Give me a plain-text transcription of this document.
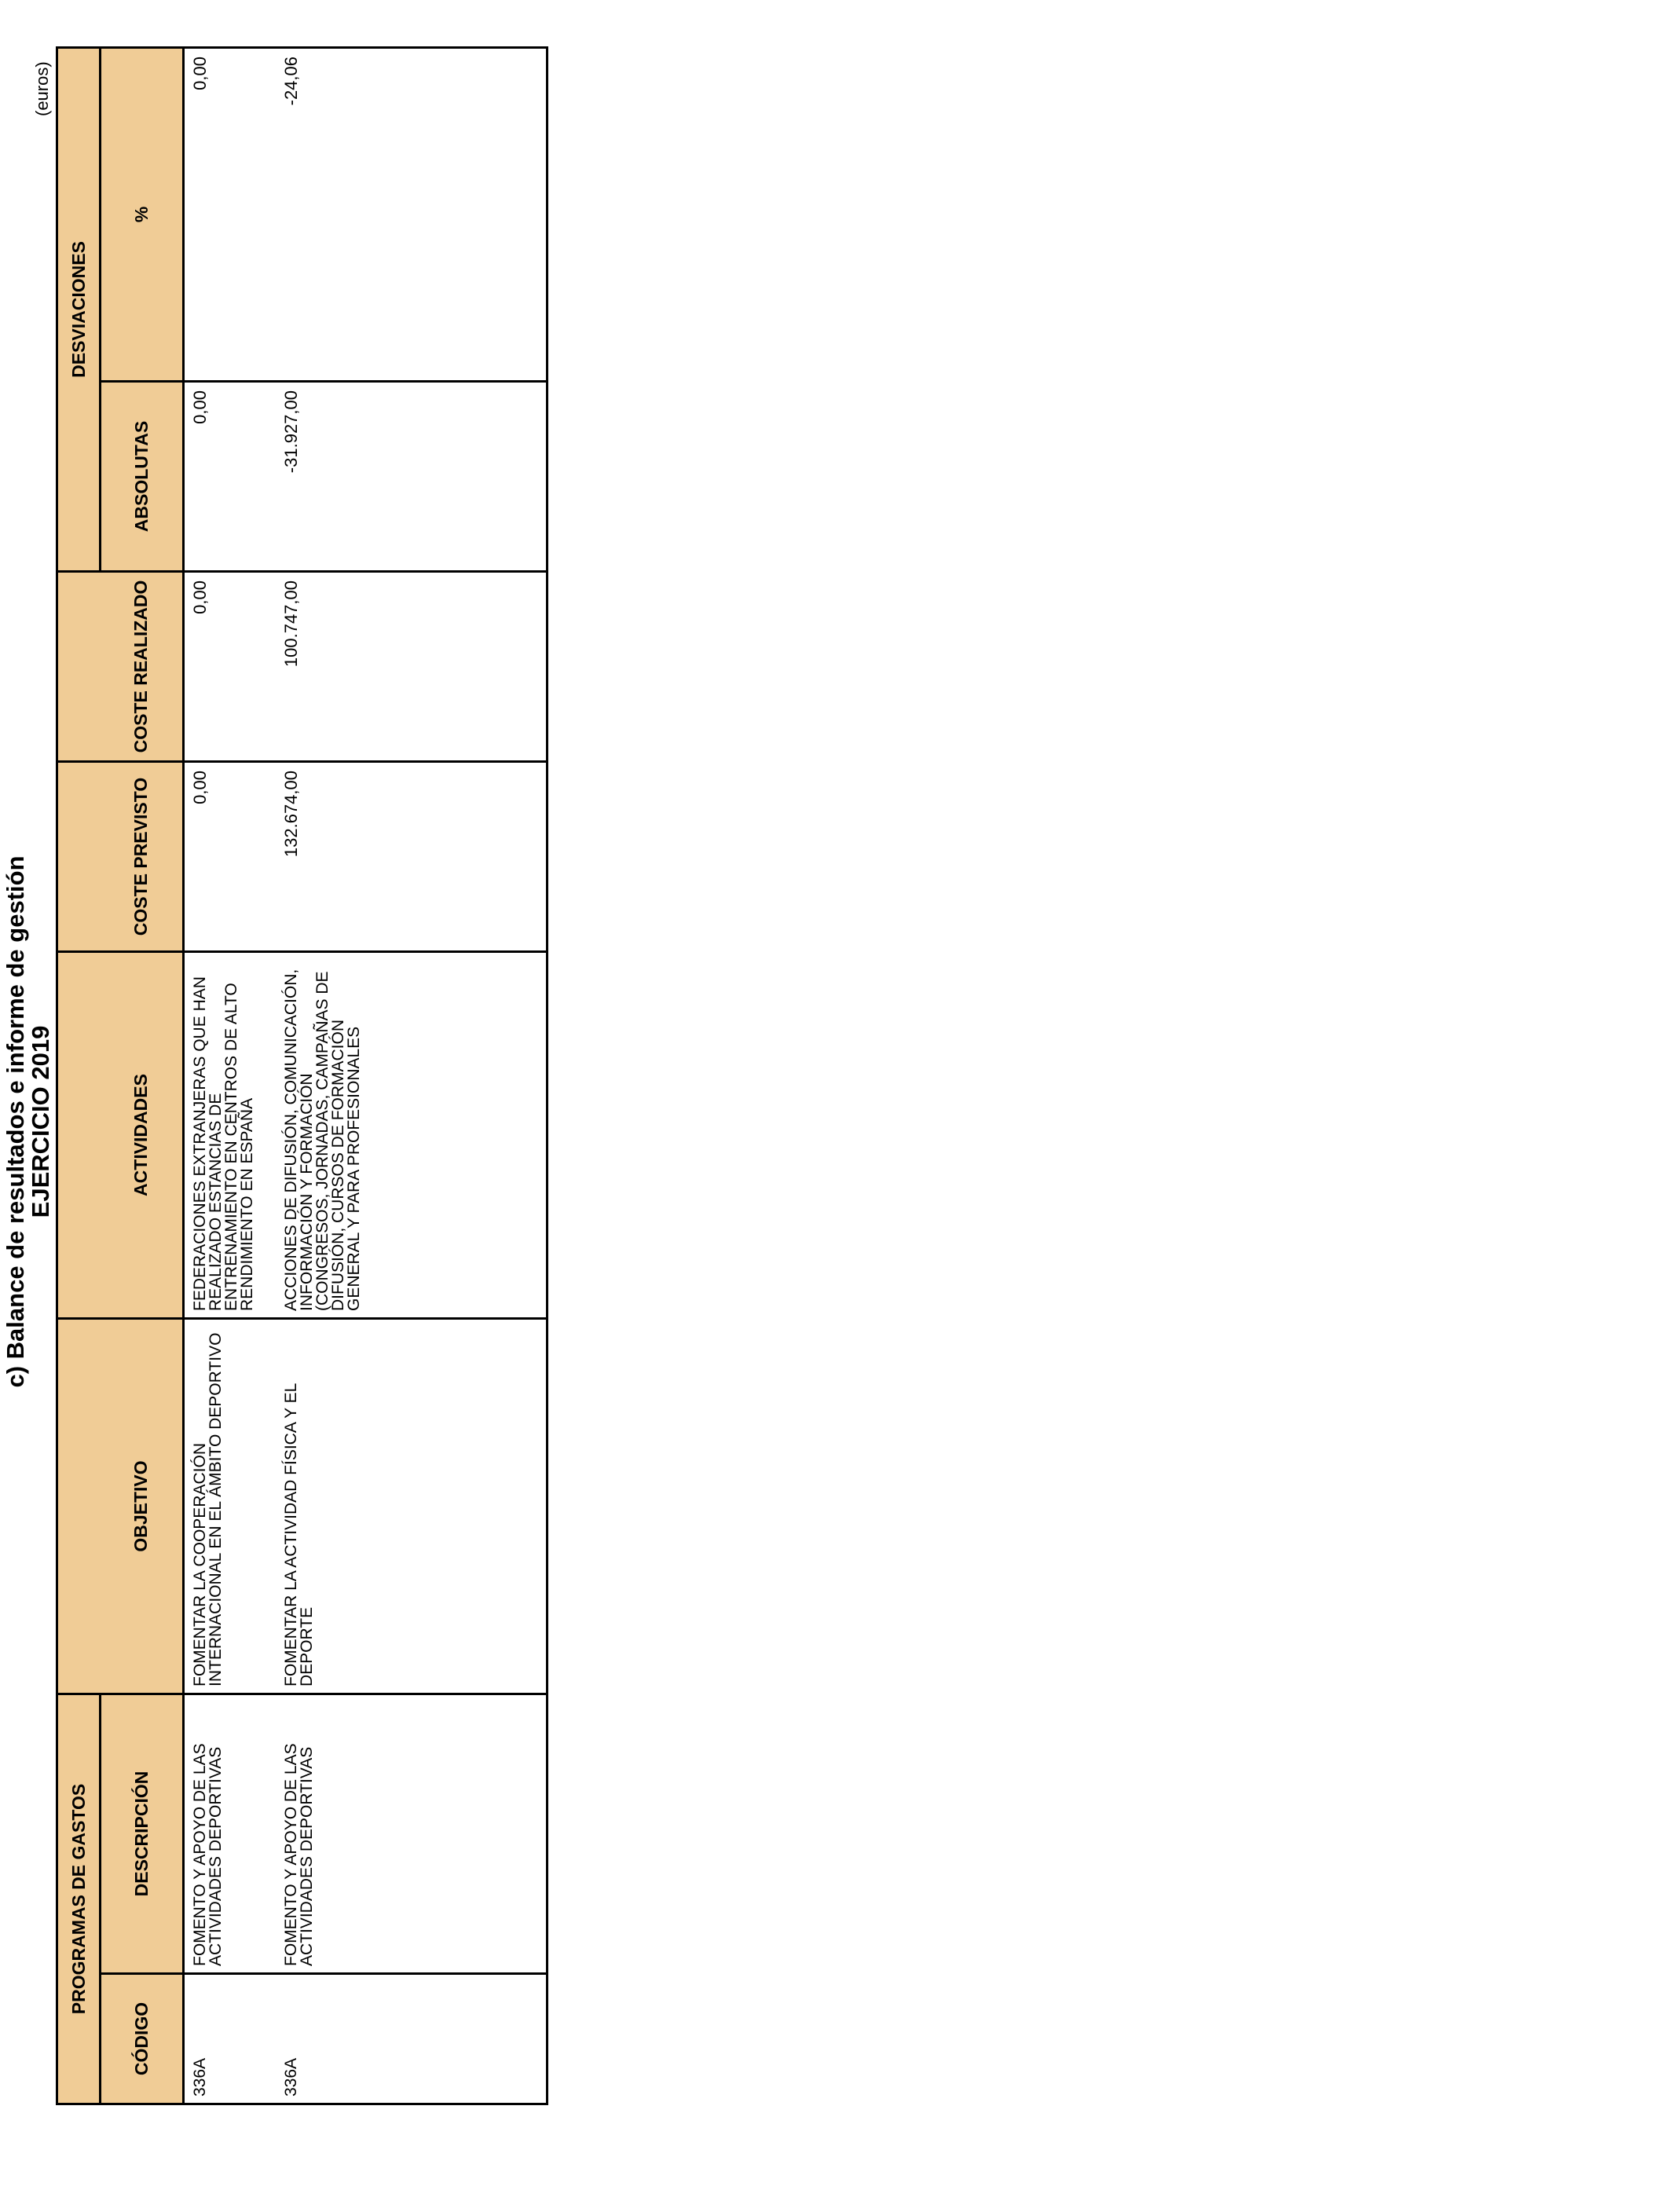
c) Balance de resultados e informe de gestión
EJERCICIO 2019
(euros)
PROGRAMAS DE GASTOS						DESVIACIONES	
CÓDIGO	DESCRIPCIÓN	OBJETIVO	ACTIVIDADES	COSTE PREVISTO	COSTE REALIZADO	ABSOLUTAS	%
336A	FOMENTO Y APOYO DE LAS ACTIVIDADES DEPORTIVAS	FOMENTAR LA COOPERACIÓN INTERNACIONAL EN EL ÁMBITO DEPORTIVO	FEDERACIONES EXTRANJERAS QUE HAN REALIZADO ESTANCIAS DE ENTRENAMIENTO EN CENTROS DE ALTO RENDIMIENTO EN ESPAÑA	0,00	0,00	0,00	0,00
336A	FOMENTO Y APOYO DE LAS ACTIVIDADES DEPORTIVAS	FOMENTAR LA ACTIVIDAD FÍSICA Y EL DEPORTE	ACCIONES DE DIFUSIÓN, COMUNICACIÓN, INFORMACIÓN Y FORMACIÓN (CONGRESOS, JORNADAS, CAMPAÑAS DE DIFUSIÓN, CURSOS DE FORMACIÓN GENERAL Y PARA PROFESIONALES	132.674,00	100.747,00	-31.927,00	-24,06
